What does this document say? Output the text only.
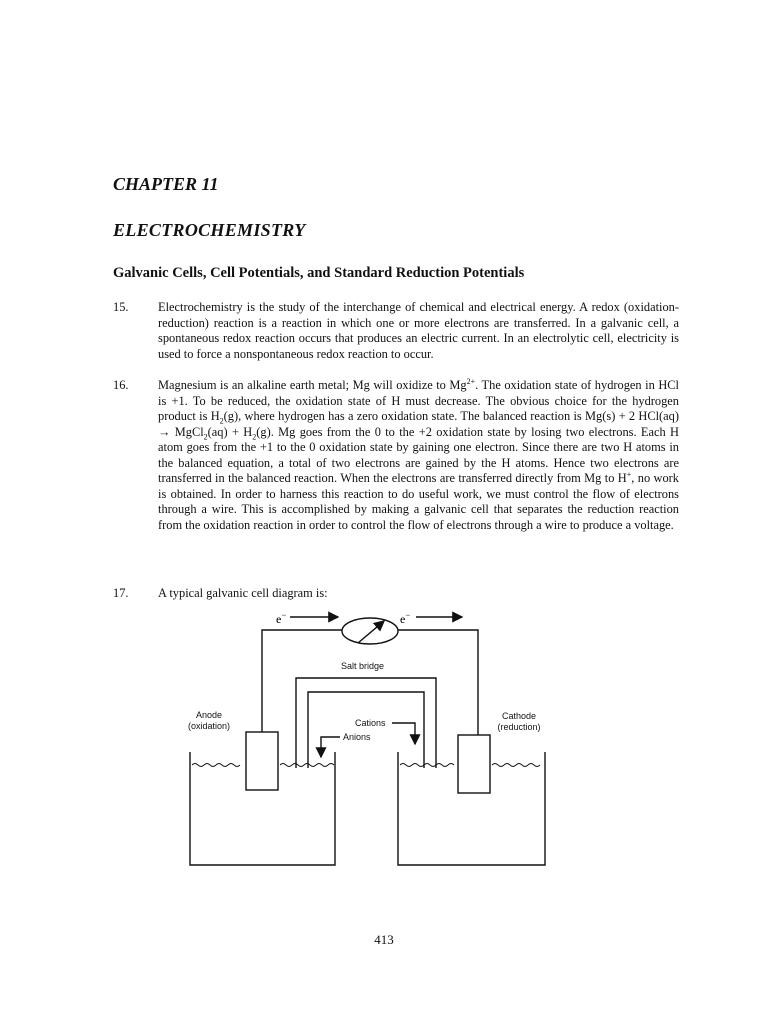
CHAPTER 11
ELECTROCHEMISTRY
Galvanic Cells, Cell Potentials, and Standard Reduction Potentials
15. Electrochemistry is the study of the interchange of chemical and electrical energy. A redox (oxidation-reduction) reaction is a reaction in which one or more electrons are transferred. In a galvanic cell, a spontaneous redox reaction occurs that produces an electric current. In an electrolytic cell, electricity is used to force a nonspontaneous redox reaction to occur.
16. Magnesium is an alkaline earth metal; Mg will oxidize to $Mg^{2+}$. The oxidation state of hydrogen in HCl is +1. To be reduced, the oxidation state of H must decrease. The obvious choice for the hydrogen product is $H_2(g)$, where hydrogen has a zero oxidation state. The balanced reaction is Mg(s) + 2 HCl(aq) → MgCl$_2$(aq) + $H_2(g)$. Mg goes from the 0 to the +2 oxidation state by losing two electrons. Each H atom goes from the +1 to the 0 oxidation state by gaining one electron. Since there are two H atoms in the balanced equation, a total of two electrons are gained by the H atoms. Hence two electrons are transferred in the balanced reaction. When the electrons are transferred directly from Mg to H+, no work is obtained. In order to harness this reaction to do useful work, we must control the flow of electrons through a wire. This is accomplished by making a galvanic cell that separates the reduction reaction from the oxidation reaction in order to control the flow of electrons through a wire to produce a voltage.
17. A typical galvanic cell diagram is:
e−	e−
Salt bridge
Anode
(oxidation)
Cathode
(reduction)
Cations
Anions
413
